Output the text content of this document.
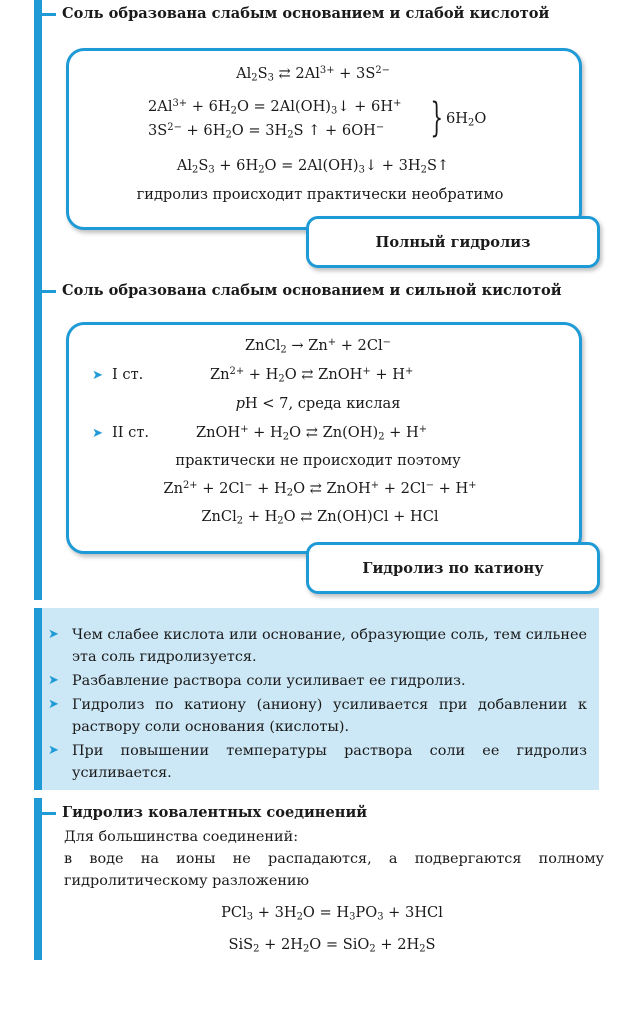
Соль образована слабым основанием и слабой кислотой
$Al_2S_3$ ⇄ $2Al^{3+} + 3S^{2-}$
$2Al^{3+} + 6H_2O$ = $2Al(OH)_3↓ + 6H^+$
$3S^{2-} + 6H_2O = 3H_2S$ ↑ + 6OH− } $6H_2O$
$Al_2S_3 + 6H_2O$ = $2Al(OH)_3↓$ + $3H_2S↑$
гидролиз происходит практически необратимо
Полный гидролиз
Соль образована слабым основанием и сильной кислотой
ZnCl$_2$ → Zn+ + 2Cl−
➤ I ст.	$Zn^{2+} + H_2O$ ⇄ ZnOH+ + H+
pH < 7, среда кислая
➤ II ст.	ZnOH+ + $H_2O$ ⇄ $Zn(OH)_2 + H^+$
практически не происходит поэтому
$Zn^{2+} + 2Cl^- + H_2O$ ⇄ ZnOH+ + 2Cl− + H+
ZnCl$_2$ + $H_2O$ ⇄ Zn(OH)Cl + HCl
Гидролиз по катиону
➤ Чем слабее кислота или основание, образующие соль, тем сильнее эта соль гидролизуется.
➤ Разбавление раствора соли усиливает ее гидролиз.
➤ Гидролиз по катиону (аниону) усиливается при добавлении к раствору соли основания (кислоты).
➤ При повышении температуры раствора соли ее гидролиз усиливается.
Гидролиз ковалентных соединений
Для большинства соединений:
в воде на ионы не распадаются, а подвергаются полному гидролитическому разложению
$PCl_3 + 3H_2O = H_3PO_3 + 3HCl$
$SiS_2 + 2H_2O = SiO_2 + 2H_2S$
